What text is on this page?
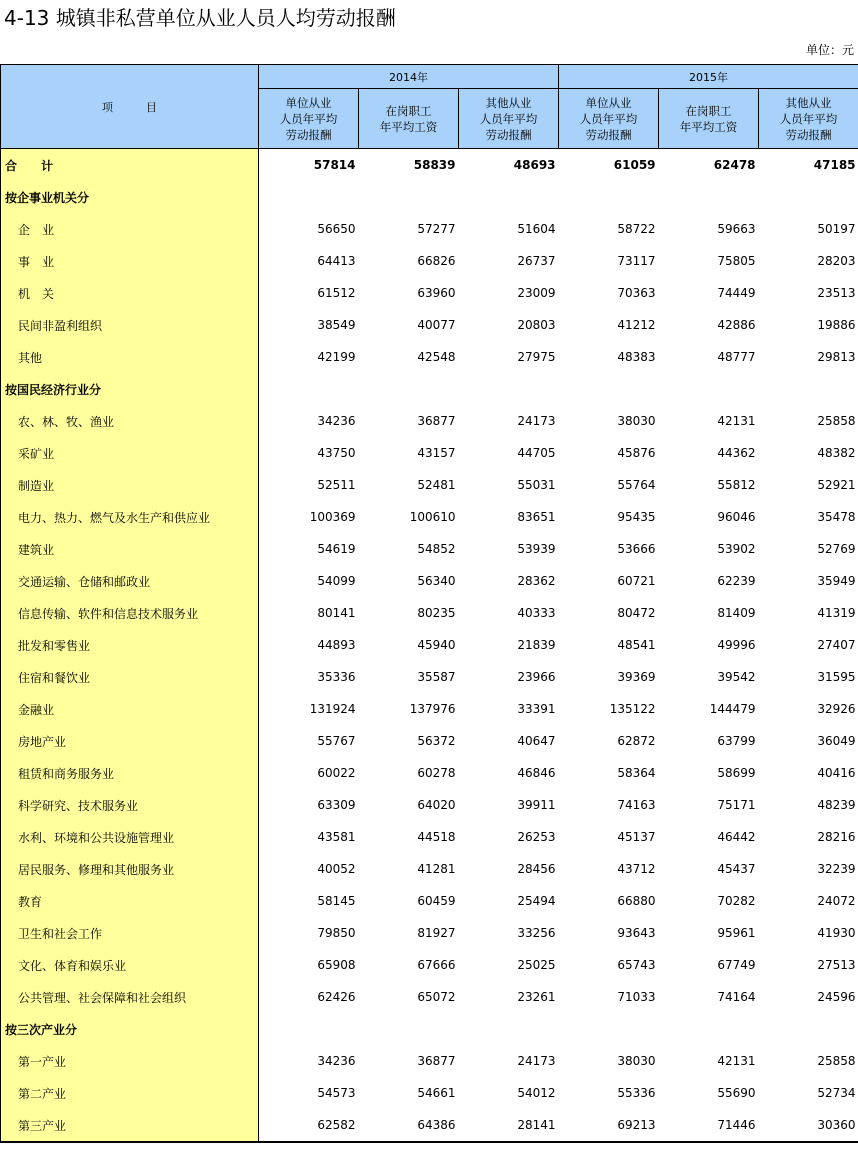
4-13 城镇非私营单位从业人员人均劳动报酬
单位：元
项　　　目	2014年			2015年		
	单位从业
人员年平均
劳动报酬	在岗职工
年平均工资	其他从业
人员年平均
劳动报酬	单位从业
人员年平均
劳动报酬	在岗职工
年平均工资	其他从业
人员年平均
劳动报酬
合　　计	57814	58839	48693	61059	62478	47185
按企事业机关分						
企　业	56650	57277	51604	58722	59663	50197
事　业	64413	66826	26737	73117	75805	28203
机　关	61512	63960	23009	70363	74449	23513
民间非盈利组织	38549	40077	20803	41212	42886	19886
其他	42199	42548	27975	48383	48777	29813
按国民经济行业分						
农、林、牧、渔业	34236	36877	24173	38030	42131	25858
采矿业	43750	43157	44705	45876	44362	48382
制造业	52511	52481	55031	55764	55812	52921
电力、热力、燃气及水生产和供应业	100369	100610	83651	95435	96046	35478
建筑业	54619	54852	53939	53666	53902	52769
交通运输、仓储和邮政业	54099	56340	28362	60721	62239	35949
信息传输、软件和信息技术服务业	80141	80235	40333	80472	81409	41319
批发和零售业	44893	45940	21839	48541	49996	27407
住宿和餐饮业	35336	35587	23966	39369	39542	31595
金融业	131924	137976	33391	135122	144479	32926
房地产业	55767	56372	40647	62872	63799	36049
租赁和商务服务业	60022	60278	46846	58364	58699	40416
科学研究、技术服务业	63309	64020	39911	74163	75171	48239
水利、环境和公共设施管理业	43581	44518	26253	45137	46442	28216
居民服务、修理和其他服务业	40052	41281	28456	43712	45437	32239
教育	58145	60459	25494	66880	70282	24072
卫生和社会工作	79850	81927	33256	93643	95961	41930
文化、体育和娱乐业	65908	67666	25025	65743	67749	27513
公共管理、社会保障和社会组织	62426	65072	23261	71033	74164	24596
按三次产业分						
第一产业	34236	36877	24173	38030	42131	25858
第二产业	54573	54661	54012	55336	55690	52734
第三产业	62582	64386	28141	69213	71446	30360
